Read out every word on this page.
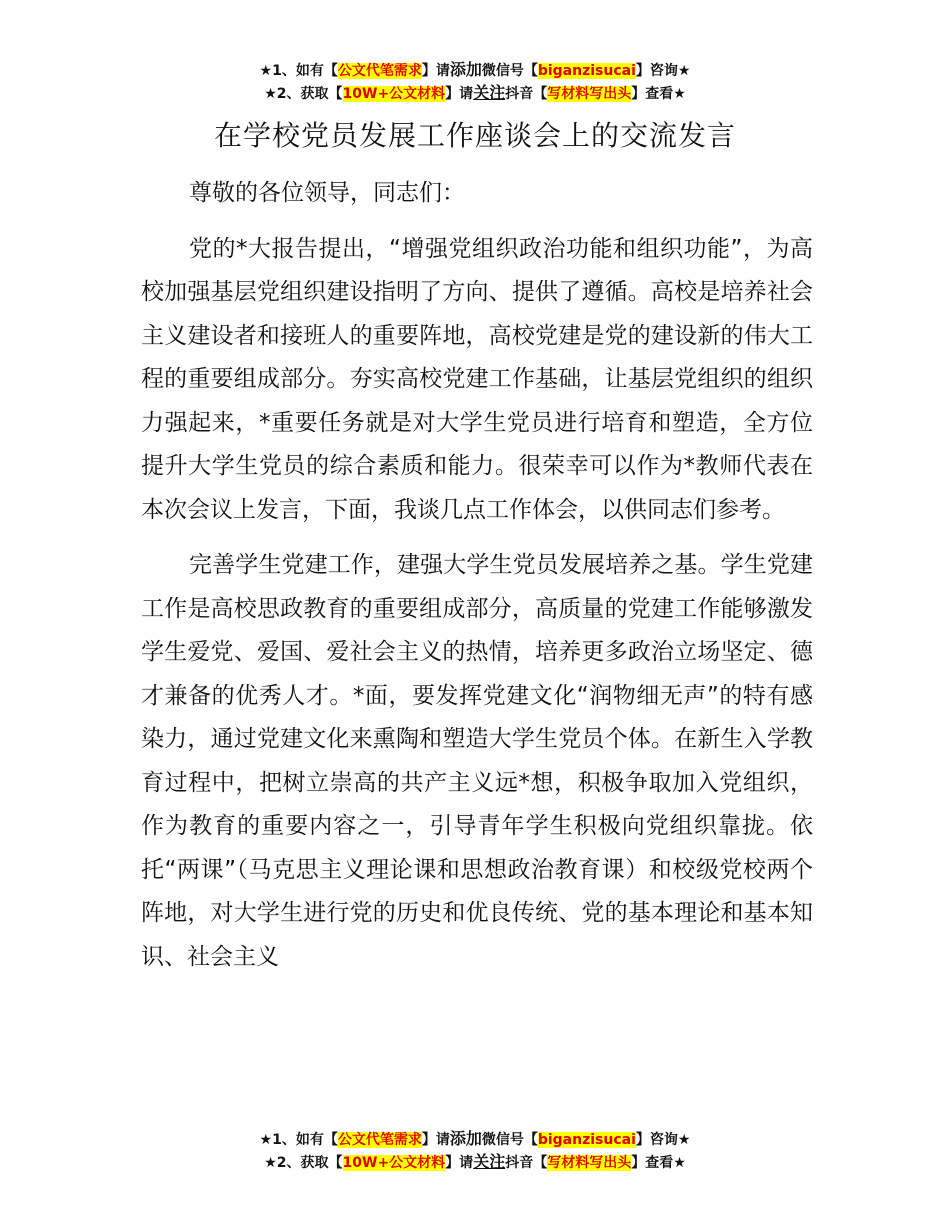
★1、如有【公文代笔需求】请添加微信号【biganzisucai】咨询★
★2、获取【10W+公文材料】请关注抖音【写材料写出头】查看★
在学校党员发展工作座谈会上的交流发言

尊敬的各位领导，同志们：

党的*大报告提出，“增强党组织政治功能和组织功能”，为高校加强基层党组织建设指明了方向、提供了遵循。高校是培养社会主义建设者和接班人的重要阵地，高校党建是党的建设新的伟大工程的重要组成部分。夯实高校党建工作基础，让基层党组织的组织力强起来，*重要任务就是对大学生党员进行培育和塑造，全方位提升大学生党员的综合素质和能力。很荣幸可以作为*教师代表在本次会议上发言，下面，我谈几点工作体会，以供同志们参考。

完善学生党建工作，建强大学生党员发展培养之基。学生党建工作是高校思政教育的重要组成部分，高质量的党建工作能够激发学生爱党、爱国、爱社会主义的热情，培养更多政治立场坚定、德才兼备的优秀人才。*面，要发挥党建文化“润物细无声”的特有感染力，通过党建文化来熏陶和塑造大学生党员个体。在新生入学教育过程中，把树立崇高的共产主义远*想，积极争取加入党组织，作为教育的重要内容之一，引导青年学生积极向党组织靠拢。依托“两课”（马克思主义理论课和思想政治教育课）和校级党校两个阵地，对大学生进行党的历史和优良传统、党的基本理论和基本知识、社会主义

★1、如有【公文代笔需求】请添加微信号【biganzisucai】咨询★
★2、获取【10W+公文材料】请关注抖音【写材料写出头】查看★
